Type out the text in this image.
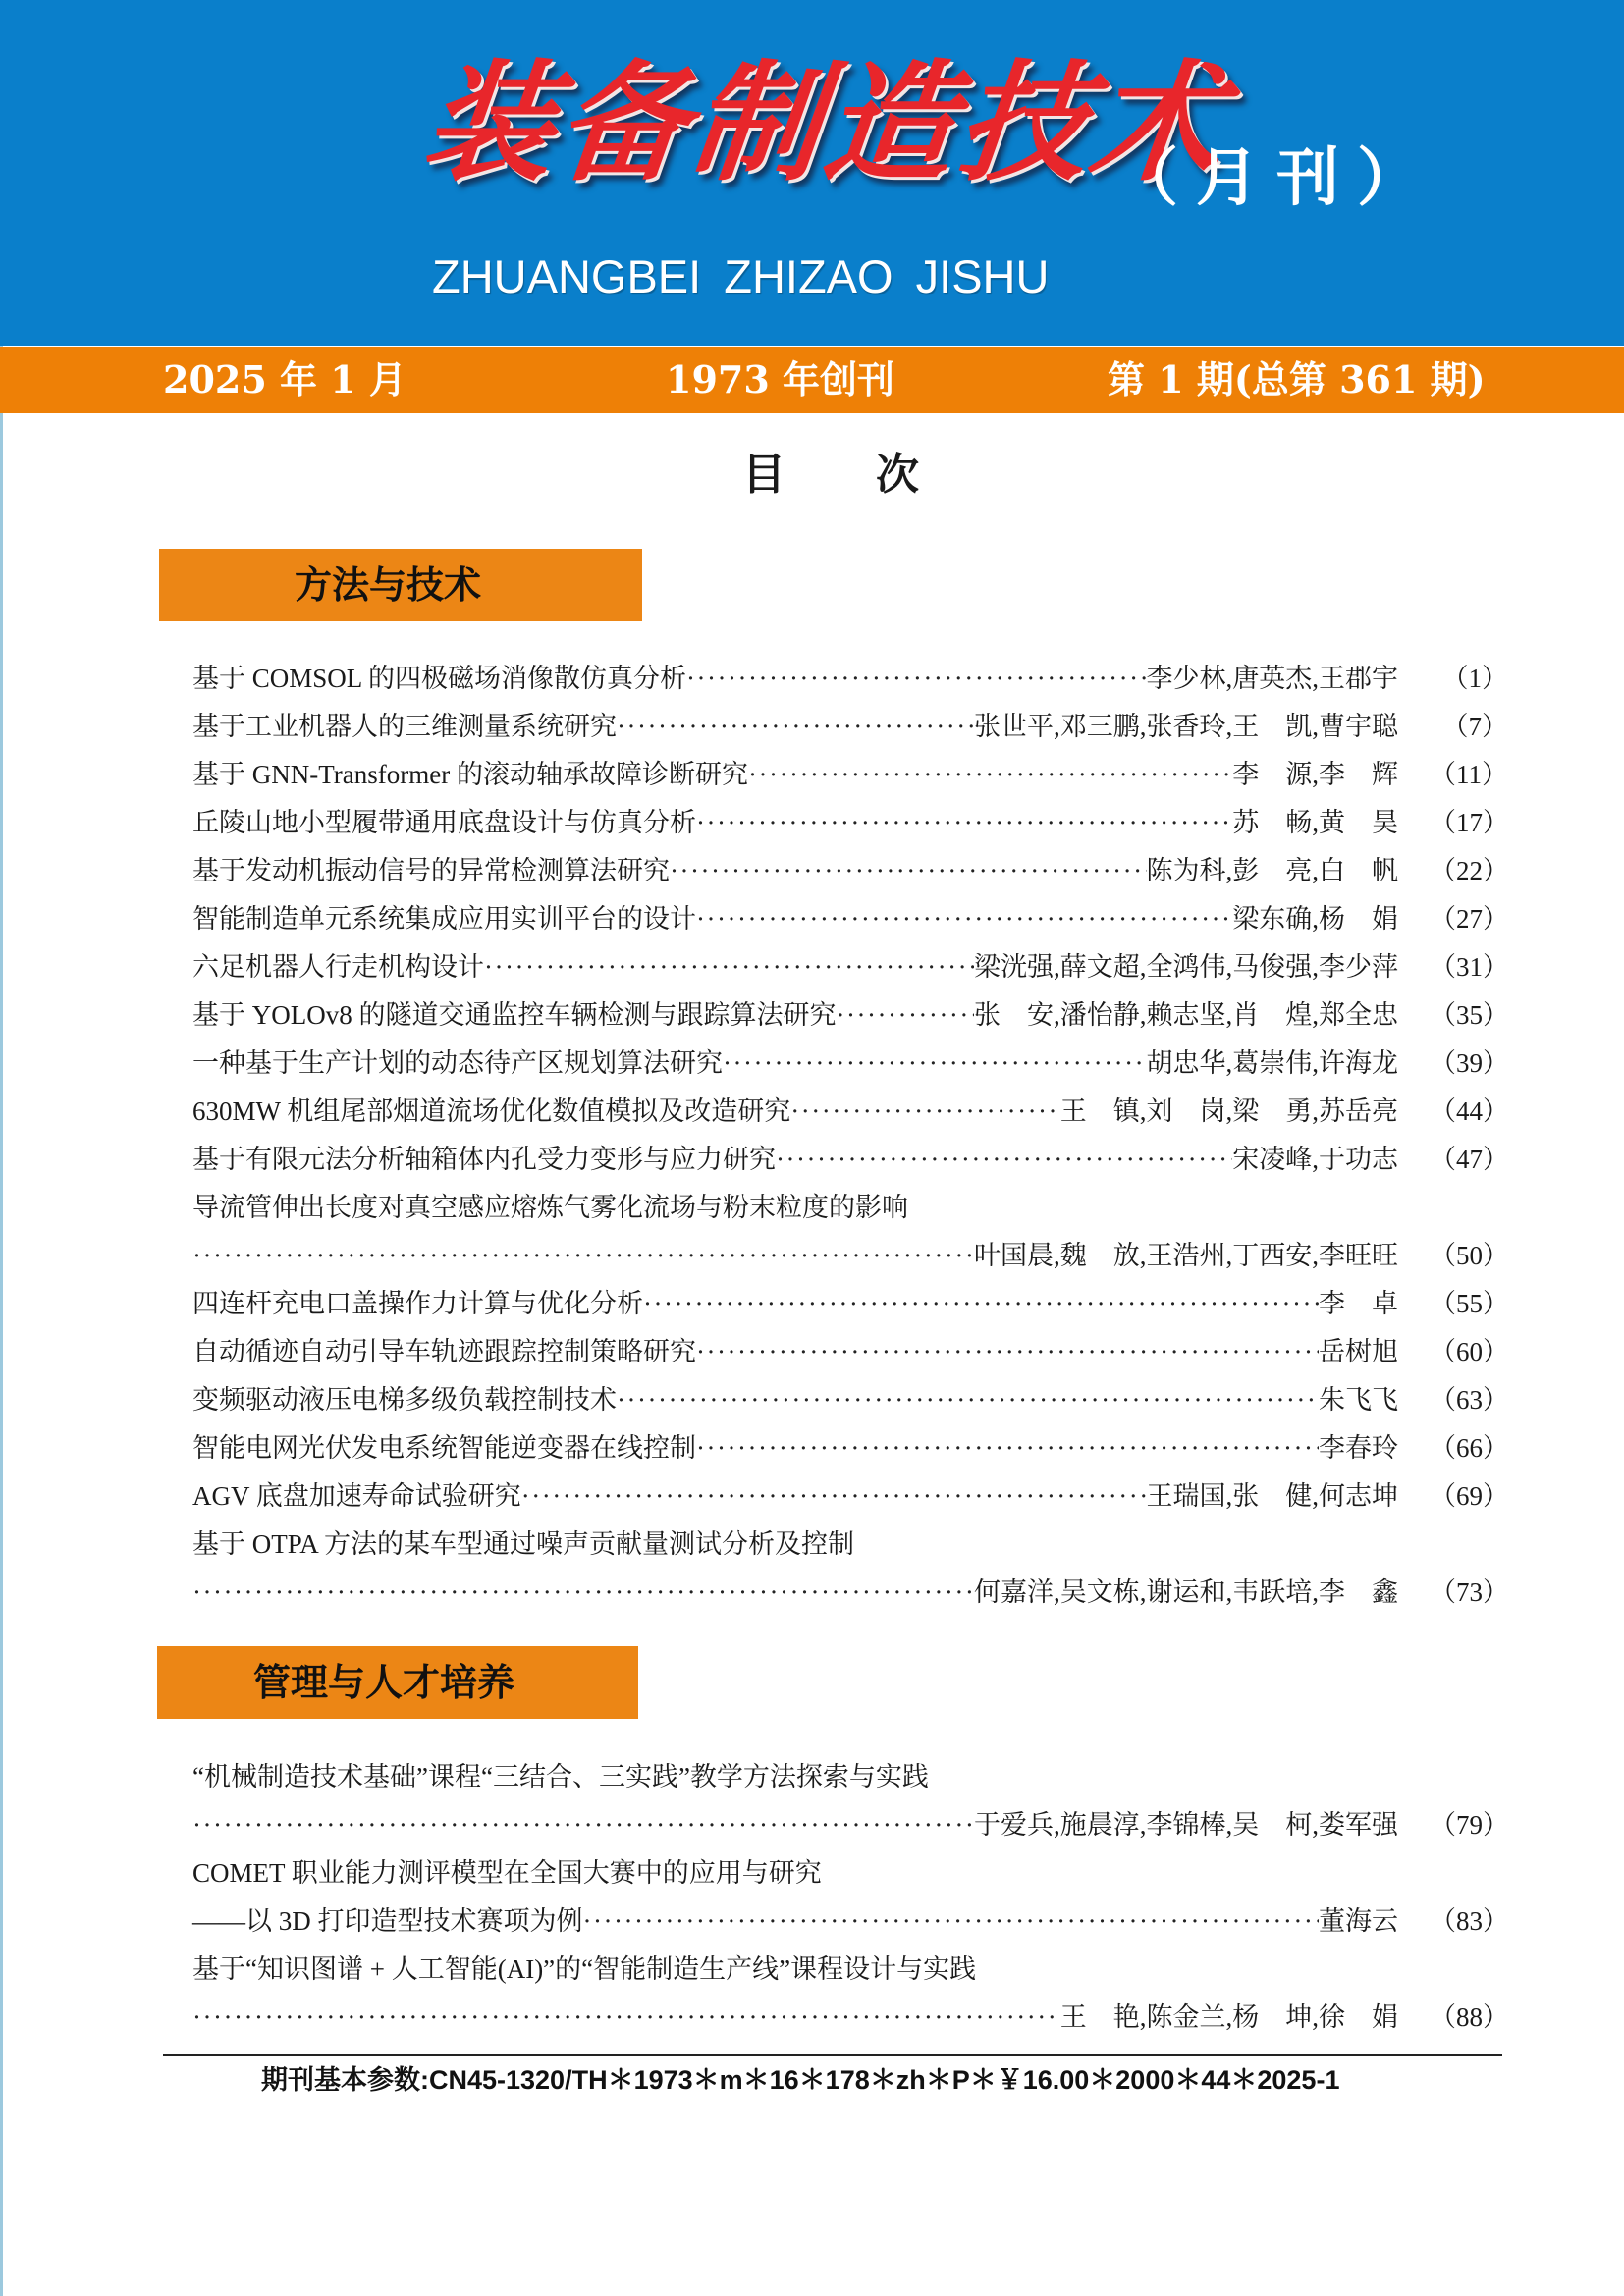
装备制造技术
（月刊）
ZHUANGBEI ZHIZAO JISHU
2025 年 1 月	1973 年创刊	第 1 期(总第 361 期)
目 次
方法与技术
基于 COMSOL 的四极磁场消像散仿真分析 ·····	李少林,唐英杰,王郡宇	（1）
基于工业机器人的三维测量系统研究 ·····	张世平,邓三鹏,张香玲,王　凯,曹宇聪	（7）
基于 GNN-Transformer 的滚动轴承故障诊断研究 ·····	李　源,李　辉 （11）
丘陵山地小型履带通用底盘设计与仿真分析 ·····	苏　畅,黄　昊 （17）
基于发动机振动信号的异常检测算法研究 ·····	陈为科,彭　亮,白　帆 （22）
智能制造单元系统集成应用实训平台的设计 ·····	梁东确,杨　娟 （27）
六足机器人行走机构设计 ·····	梁洸强,薛文超,全鸿伟,马俊强,李少萍 （31）
基于 YOLOv8 的隧道交通监控车辆检测与跟踪算法研究 ·····	张　安,潘怡静,赖志坚,肖　煌,郑全忠 （35）
一种基于生产计划的动态待产区规划算法研究 ·····	胡忠华,葛崇伟,许海龙 （39）
630MW 机组尾部烟道流场优化数值模拟及改造研究 ·····	王　镇,刘　岗,梁　勇,苏岳亮 （44）
基于有限元法分析轴箱体内孔受力变形与应力研究 ·····	宋凌峰,于功志 （47）
导流管伸出长度对真空感应熔炼气雾化流场与粉末粒度的影响
·····
叶国晨,魏　放,王浩州,丁西安,李旺旺 （50）
四连杆充电口盖操作力计算与优化分析 ·····	李　卓 （55）
自动循迹自动引导车轨迹跟踪控制策略研究 ·····	岳树旭 （60）
变频驱动液压电梯多级负载控制技术 ·····	朱飞飞 （63）
智能电网光伏发电系统智能逆变器在线控制 ·····	李春玲 （66）
AGV 底盘加速寿命试验研究 ·····	王瑞国,张　健,何志坤 （69）
基于 OTPA 方法的某车型通过噪声贡献量测试分析及控制
·····
何嘉洋,吴文栋,谢运和,韦跃培,李　鑫 （73）
管理与人才培养
“机械制造技术基础”课程“三结合、三实践”教学方法探索与实践
·····
于爱兵,施晨淳,李锦棒,吴　柯,娄军强 （79）
COMET 职业能力测评模型在全国大赛中的应用与研究
——以 3D 打印造型技术赛项为例 ·····	董海云 （83）
基于“知识图谱 + 人工智能(AI)”的“智能制造生产线”课程设计与实践
·····
王　艳,陈金兰,杨　坤,徐　娟 （88）
期刊基本参数:CN45-1320/TH＊1973＊m＊16＊178＊zh＊P＊￥16.00＊2000＊44＊2025-1
